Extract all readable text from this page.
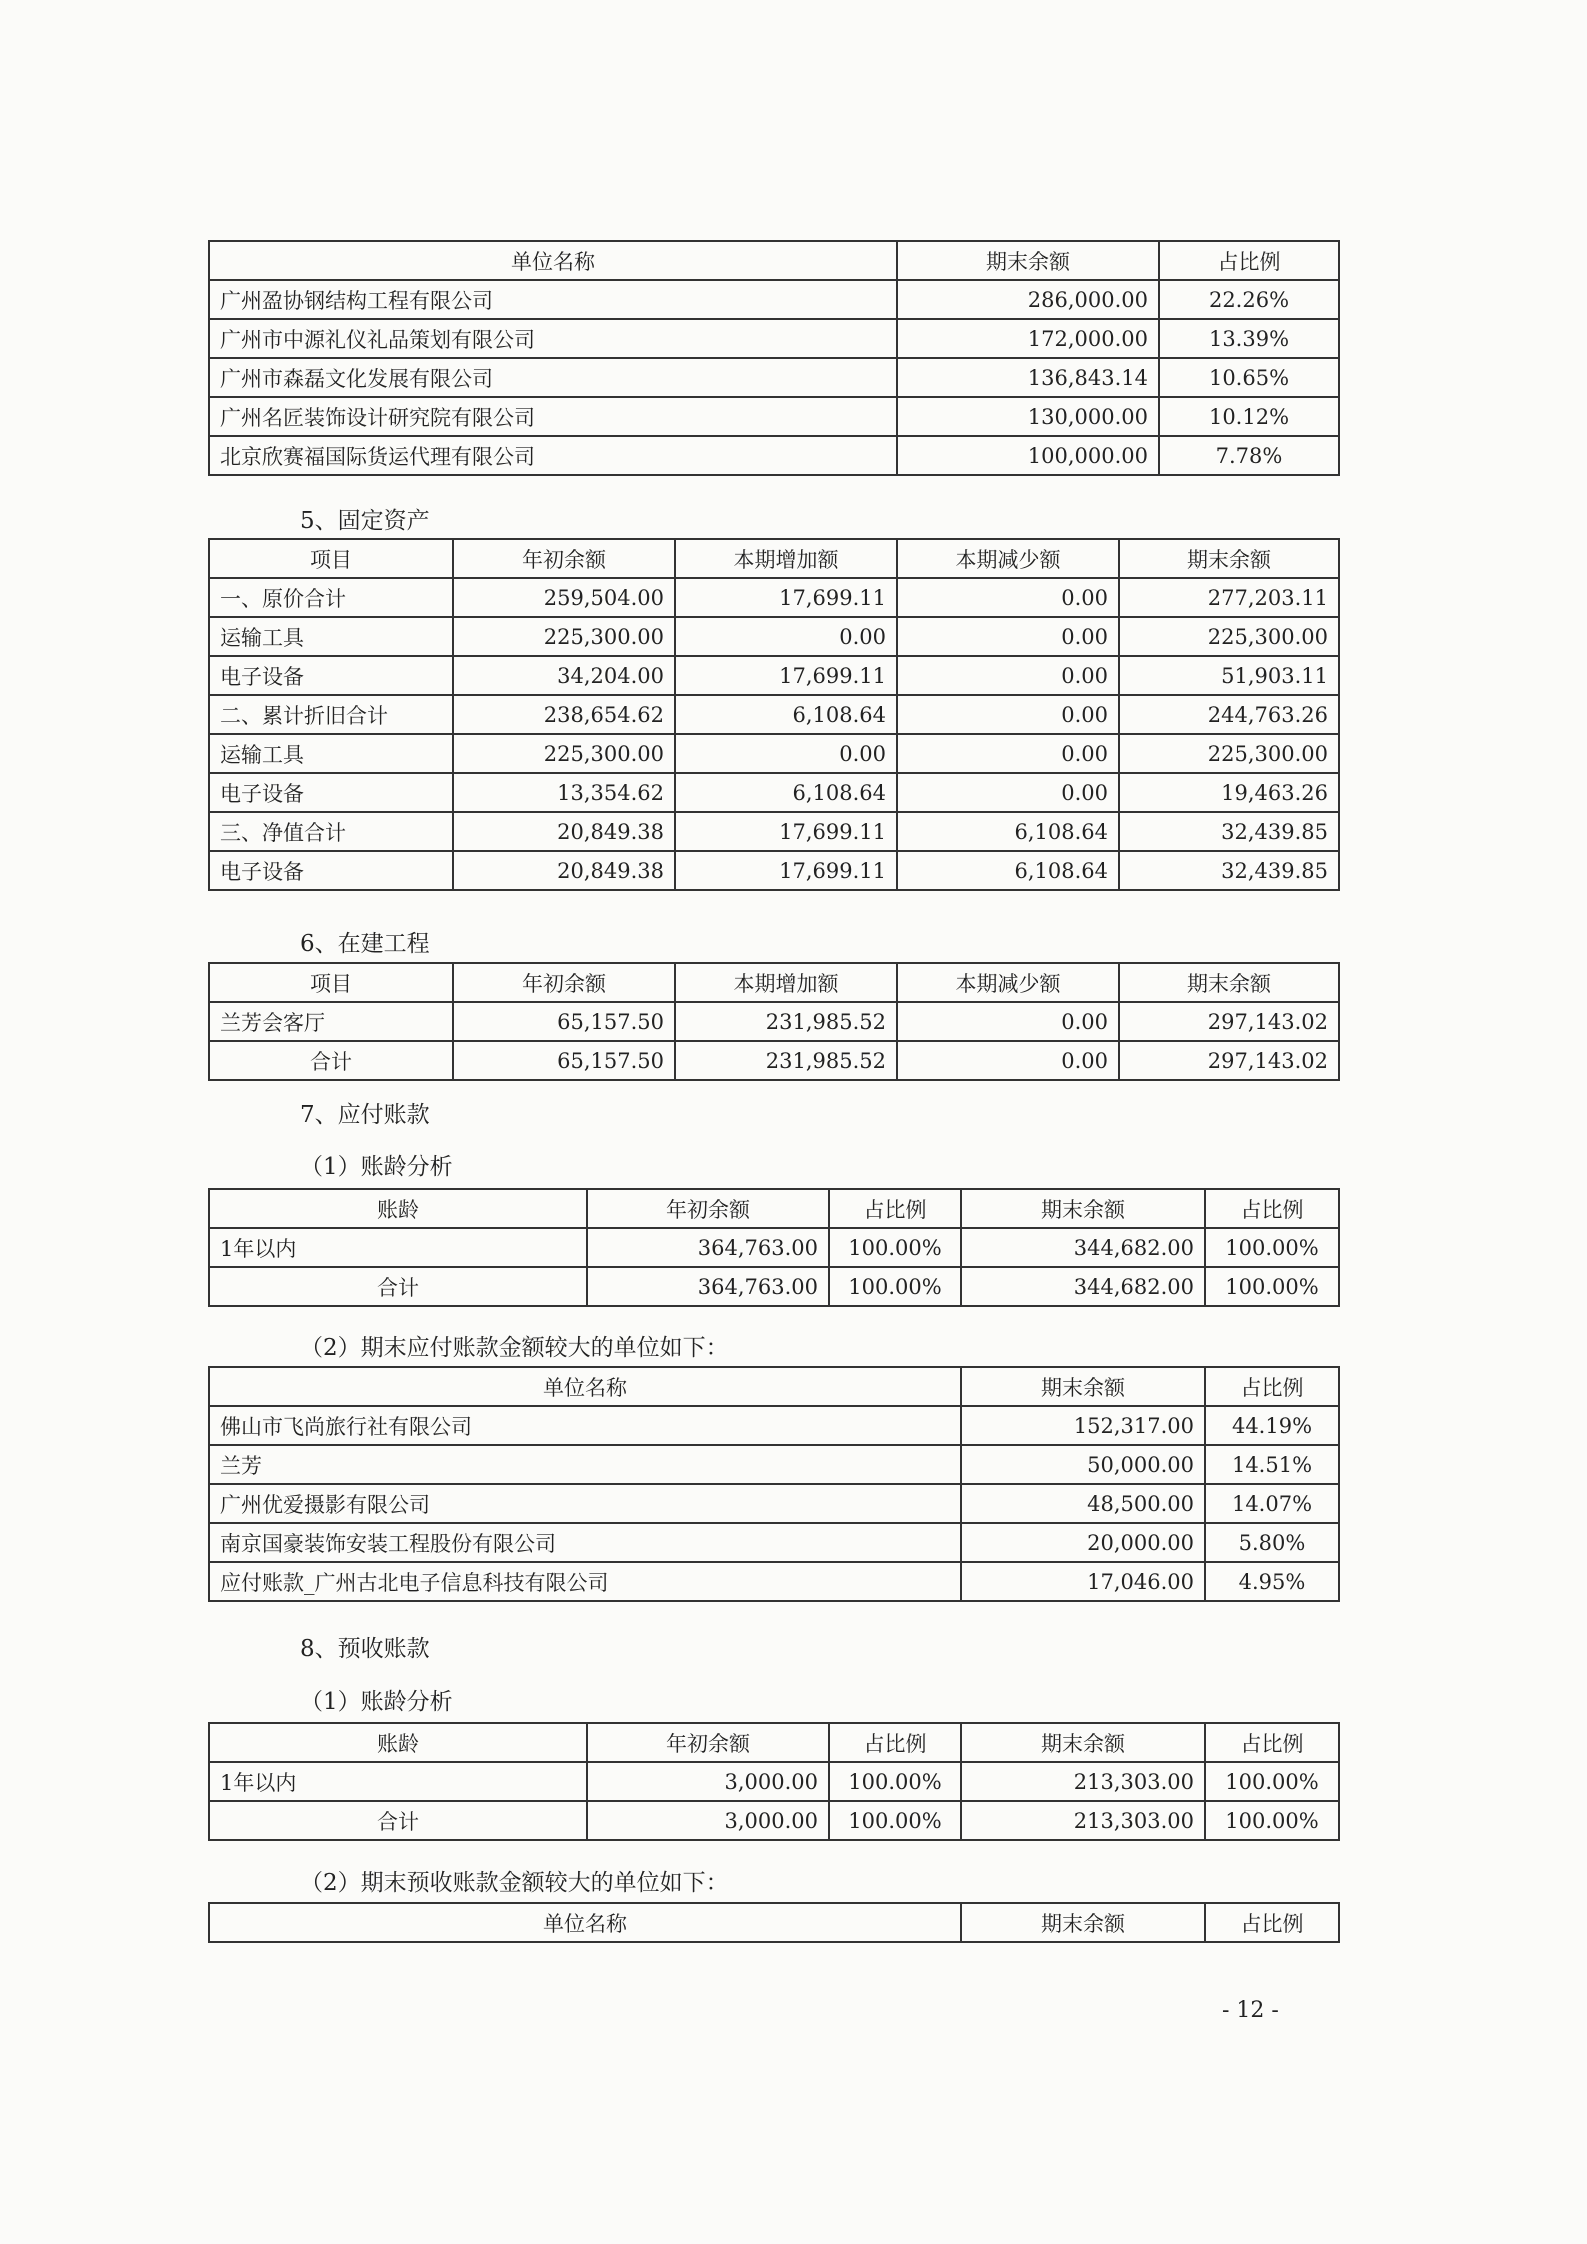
单位名称	期末余额	占比例
广州盈协钢结构工程有限公司	286,000.00	22.26%
广州市中源礼仪礼品策划有限公司	172,000.00	13.39%
广州市森磊文化发展有限公司	136,843.14	10.65%
广州名匠装饰设计研究院有限公司	130,000.00	10.12%
北京欣赛福国际货运代理有限公司	100,000.00	7.78%
5、固定资产
项目	年初余额	本期增加额	本期减少额	期末余额
一、原价合计	259,504.00	17,699.11	0.00	277,203.11
运输工具	225,300.00	0.00	0.00	225,300.00
电子设备	34,204.00	17,699.11	0.00	51,903.11
二、累计折旧合计	238,654.62	6,108.64	0.00	244,763.26
运输工具	225,300.00	0.00	0.00	225,300.00
电子设备	13,354.62	6,108.64	0.00	19,463.26
三、净值合计	20,849.38	17,699.11	6,108.64	32,439.85
电子设备	20,849.38	17,699.11	6,108.64	32,439.85
6、在建工程
项目	年初余额	本期增加额	本期减少额	期末余额
兰芳会客厅	65,157.50	231,985.52	0.00	297,143.02
合计	65,157.50	231,985.52	0.00	297,143.02
7、应付账款
（1）账龄分析
账龄	年初余额	占比例	期末余额	占比例
1年以内	364,763.00	100.00%	344,682.00	100.00%
合计	364,763.00	100.00%	344,682.00	100.00%
（2）期末应付账款金额较大的单位如下：
单位名称	期末余额	占比例
佛山市飞尚旅行社有限公司	152,317.00	44.19%
兰芳	50,000.00	14.51%
广州优爱摄影有限公司	48,500.00	14.07%
南京国豪装饰安装工程股份有限公司	20,000.00	5.80%
应付账款_广州古北电子信息科技有限公司	17,046.00	4.95%
8、预收账款
（1）账龄分析
账龄	年初余额	占比例	期末余额	占比例
1年以内	3,000.00	100.00%	213,303.00	100.00%
合计	3,000.00	100.00%	213,303.00	100.00%
（2）期末预收账款金额较大的单位如下：
单位名称	期末余额	占比例
- 12 -
